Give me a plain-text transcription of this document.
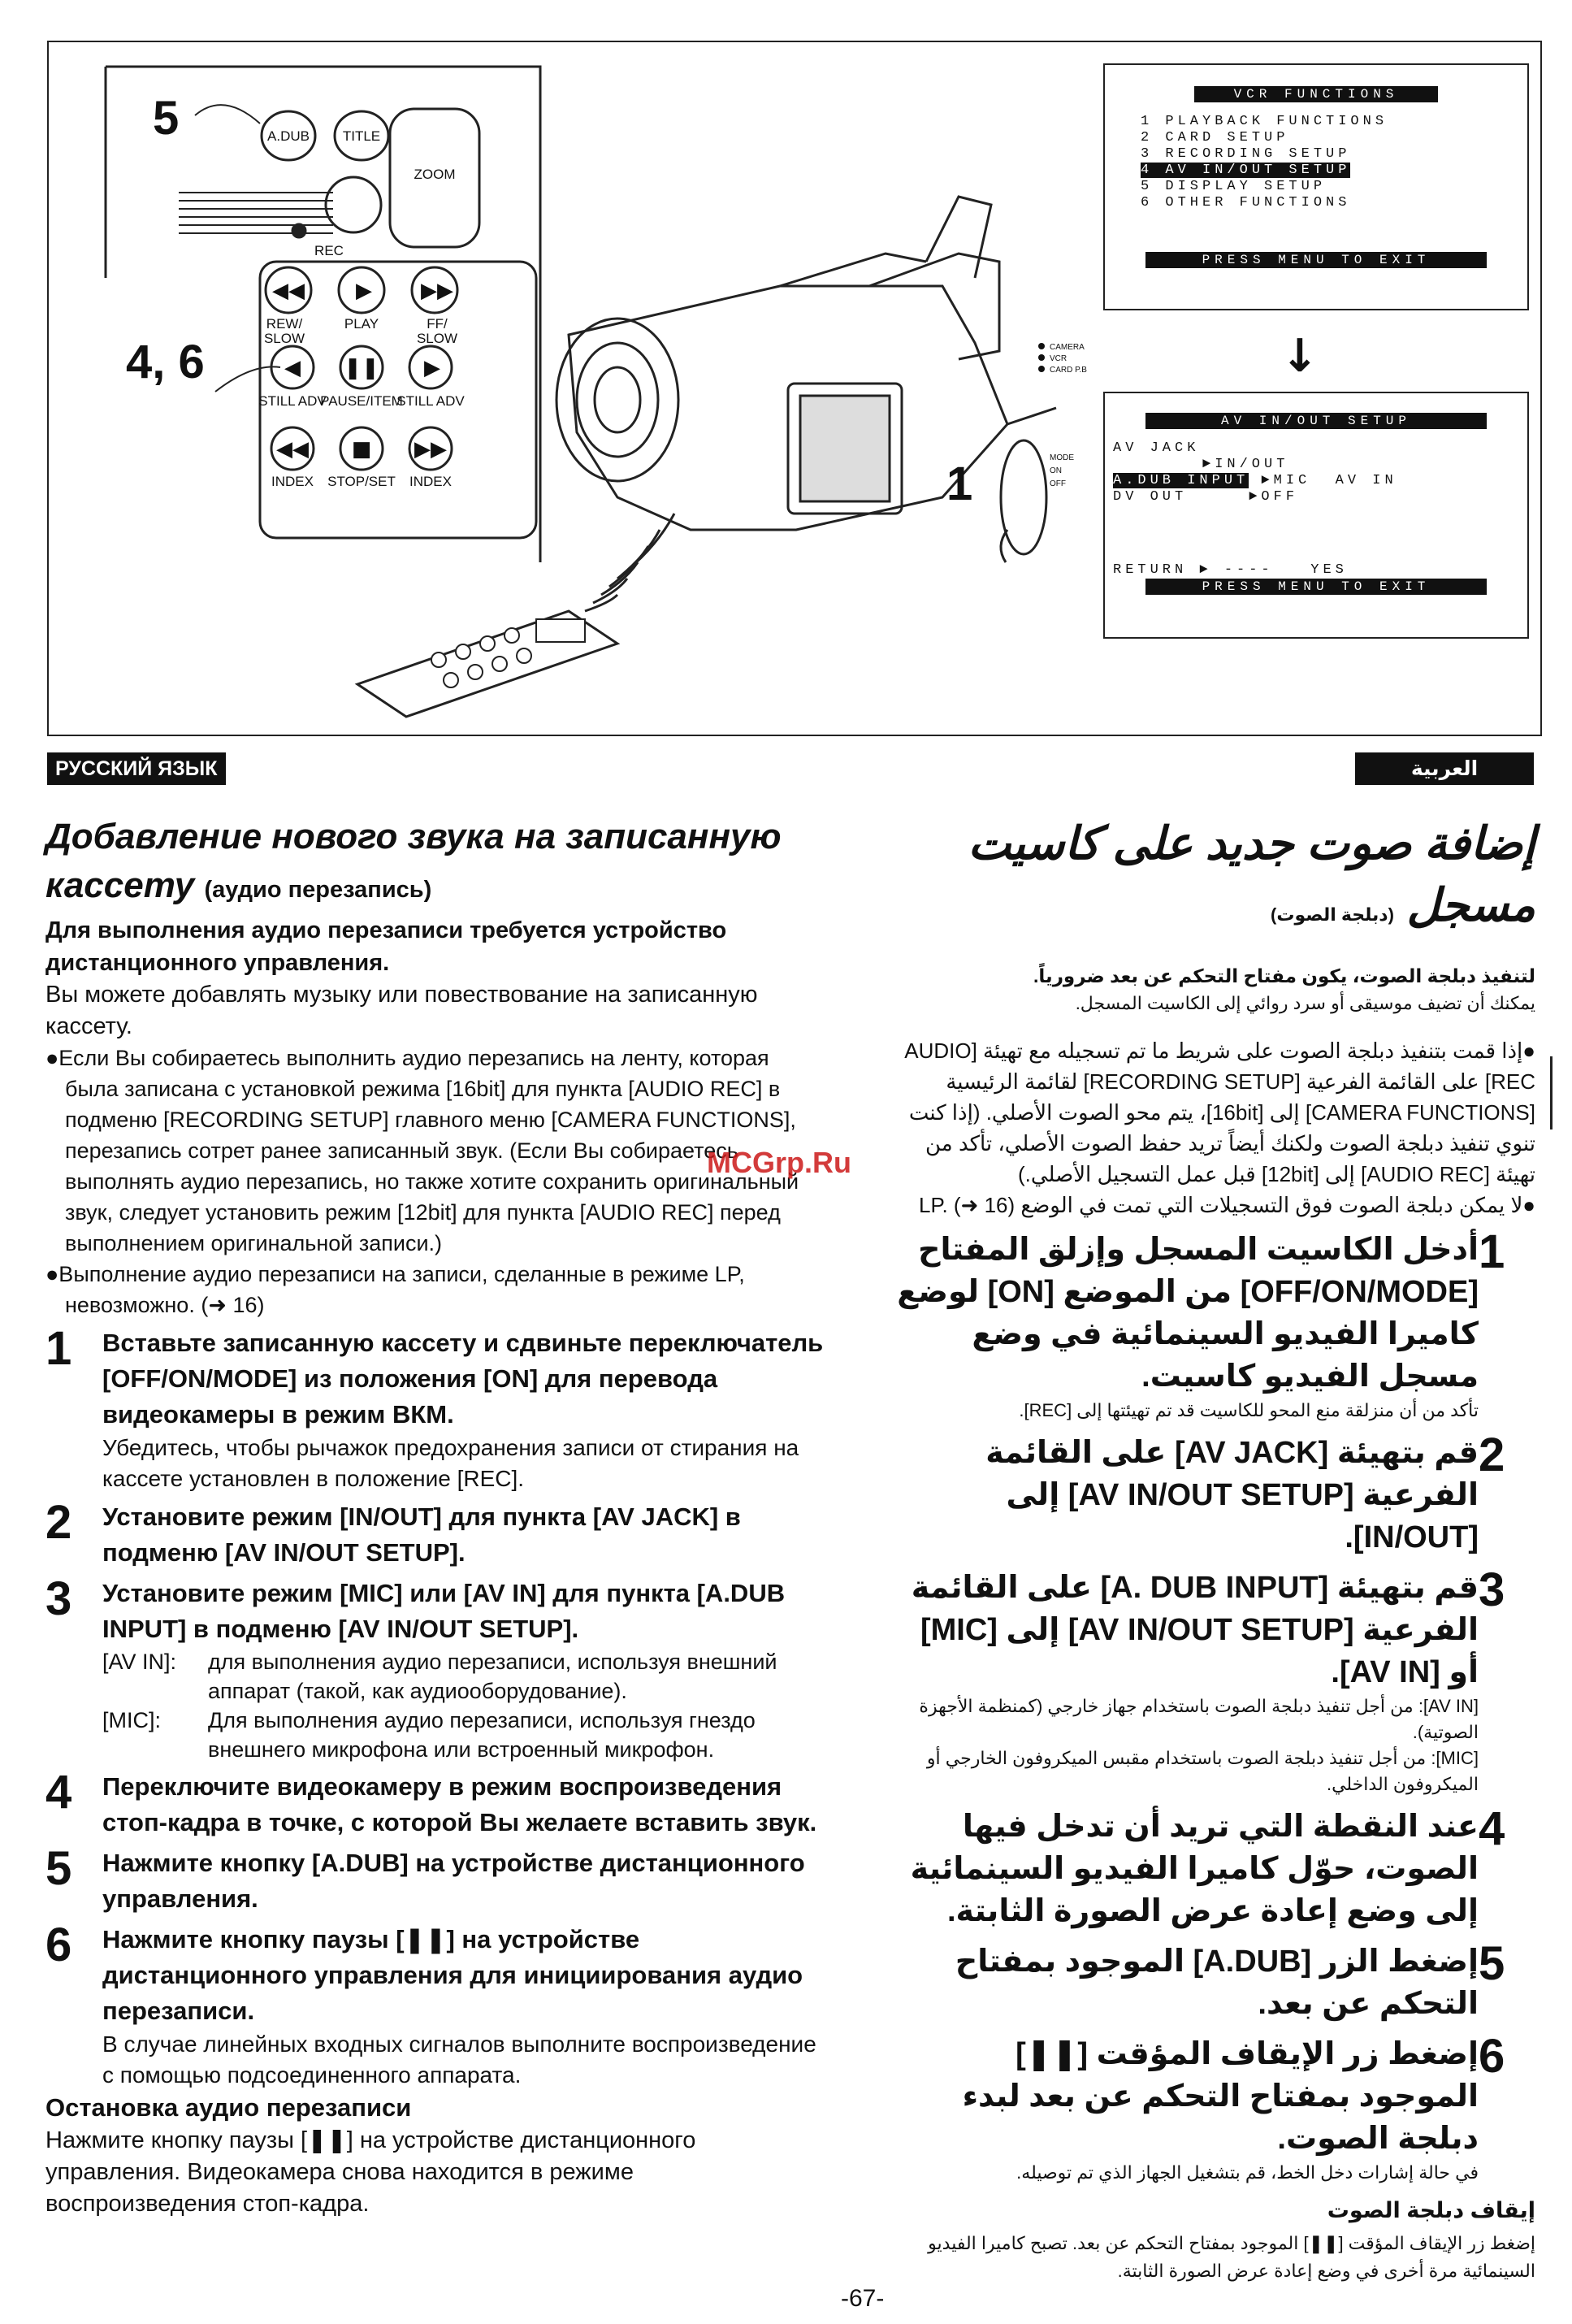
A.DUB TITLE
ZOOM
REC
REW/
SLOW
PLAY	FF/
SLOW
STILL ADV
PAUSE/ITEM
STILL ADV
INDEX STOP/SET INDEX
◀◀ ▶ ▶▶
◀ ❚❚ ▶
◀◀ ■ ▶▶
CAMERA
VCR
CARD P.B
MODE
ON
OFF
↓
5
4, 6
1
VCR FUNCTIONS
1 PLAYBACK FUNCTIONS
2 CARD SETUP
3 RECORDING SETUP
4 AV IN/OUT SETUP
5 DISPLAY SETUP
6 OTHER FUNCTIONS
PRESS MENU TO EXIT
AV IN/OUT SETUP
AV JACK
►IN/OUT
A.DUB INPUT ►MIC  AV IN
DV OUT	►OFF
RETURN ► ----   YES
PRESS MENU TO EXIT
РУССКИЙ ЯЗЫК	العربية
Добавление нового звука на записанную кассету (аудио перезапись)

Для выполнения аудио перезаписи требуется устройство дистанционного управления.

Вы можете добавлять музыку или повествование на записанную кассету.

●Если Вы собираетесь выполнить аудио перезапись на ленту, которая была записана с установкой режима [16bit] для пункта [AUDIO REC] в подменю [RECORDING SETUP] главного меню [CAMERA FUNCTIONS], перезапись сотрет ранее записанный звук. (Если Вы собираетесь выполнять аудио перезапись, но также хотите сохранить оригинальный звук, следует установить режим [12bit] для пункта [AUDIO REC] перед выполнением оригинальной записи.)

●Выполнение аудио перезаписи на записи, сделанные в режиме LP, невозможно. (➜ 16)

1	Вставьте записанную кассету и сдвиньте переключатель [OFF/ON/MODE] из положения [ON] для перевода видеокамеры в режим ВКМ.

Убедитесь, чтобы рычажок предохранения записи от стирания на кассете установлен в положение [REC].

2	Установите режим [IN/OUT] для пункта [AV JACK] в подменю [AV IN/OUT SETUP].

3	Установите режим [MIC] или [AV IN] для пункта [A.DUB INPUT] в подменю [AV IN/OUT SETUP].

[AV IN]:	для выполнения аудио перезаписи, используя внешний аппарат (такой, как аудиооборудование).
[MIC]:	Для выполнения аудио перезаписи, используя гнездо внешнего микрофона или встроенный микрофон.
4	Переключите видеокамеру в режим воспроизведения стоп-кадра в точке, с которой Вы желаете вставить звук.

5	Нажмите кнопку [A.DUB] на устройстве дистанционного управления.

6	Нажмите кнопку паузы [❚❚] на устройстве дистанционного управления для инициирования аудио перезаписи.

В случае линейных входных сигналов выполните воспроизведение с помощью подсоединенного аппарата.

Остановка аудио перезаписи

Нажмите кнопку паузы [❚❚] на устройстве дистанционного управления. Видеокамера снова находится в режиме воспроизведения стоп-кадра.

إضافة صوت جديد على كاسيت مسجل (دبلجة الصوت)

لتنفيذ دبلجة الصوت، يكون مفتاح التحكم عن بعد ضرورياً.

يمكنك أن تضيف موسيقى أو سرد روائي إلى الكاسيت المسجل.

●إذا قمت بتنفيذ دبلجة الصوت على شريط ما تم تسجيله مع تهيئة [AUDIO REC] على القائمة الفرعية [RECORDING SETUP] لقائمة الرئيسية [CAMERA FUNCTIONS] إلى [16bit]، يتم محو الصوت الأصلي. (إذا كنت تنوي تنفيذ دبلجة الصوت ولكنك أيضاً تريد حفظ الصوت الأصلي، تأكد من تهيئة [AUDIO REC] إلى [12bit] قبل عمل التسجيل الأصلي.)

●لا يمكن دبلجة الصوت فوق التسجيلات التي تمت في الوضع LP. (➜ 16)

1

أدخل الكاسيت المسجل وإزلق المفتاح [OFF/ON/MODE] من الموضع [ON] لوضع كاميرا الفيديو السينمائية في وضع مسجل الفيديو كاسيت.

تأكد من أن منزلقة منع المحو للكاسيت قد تم تهيئتها إلى [REC].

2

قم بتهيئة [AV JACK] على القائمة الفرعية [AV IN/OUT SETUP] إلى [IN/OUT].

3

قم بتهيئة [A. DUB INPUT] على القائمة الفرعية [AV IN/OUT SETUP] إلى [MIC] أو [AV IN].

[AV IN]: من أجل تنفيذ دبلجة الصوت باستخدام جهاز خارجي (كمنظمة الأجهزة الصوتية).

[MIC]: من أجل تنفيذ دبلجة الصوت باستخدام مقبس الميكروفون الخارجي أو الميكروفون الداخلي.

4

عند النقطة التي تريد أن تدخل فيها الصوت، حوّل كاميرا الفيديو السينمائية إلى وضع إعادة عرض الصورة الثابتة.

5

إضغط الزر [A.DUB] الموجود بمفتاح التحكم عن بعد.

6

إضغط زر الإيقاف المؤقت [❚❚] الموجود بمفتاح التحكم عن بعد لبدء دبلجة الصوت.

في حالة إشارات دخل الخط، قم بتشغيل الجهاز الذي تم توصيله.

إيقاف دبلجة الصوت

إضغط زر الإيقاف المؤقت [❚❚] الموجود بمفتاح التحكم عن بعد. تصبح كاميرا الفيديو السينمائية مرة أخرى في وضع إعادة عرض الصورة الثابتة.

MCGrp.Ru
-67-
